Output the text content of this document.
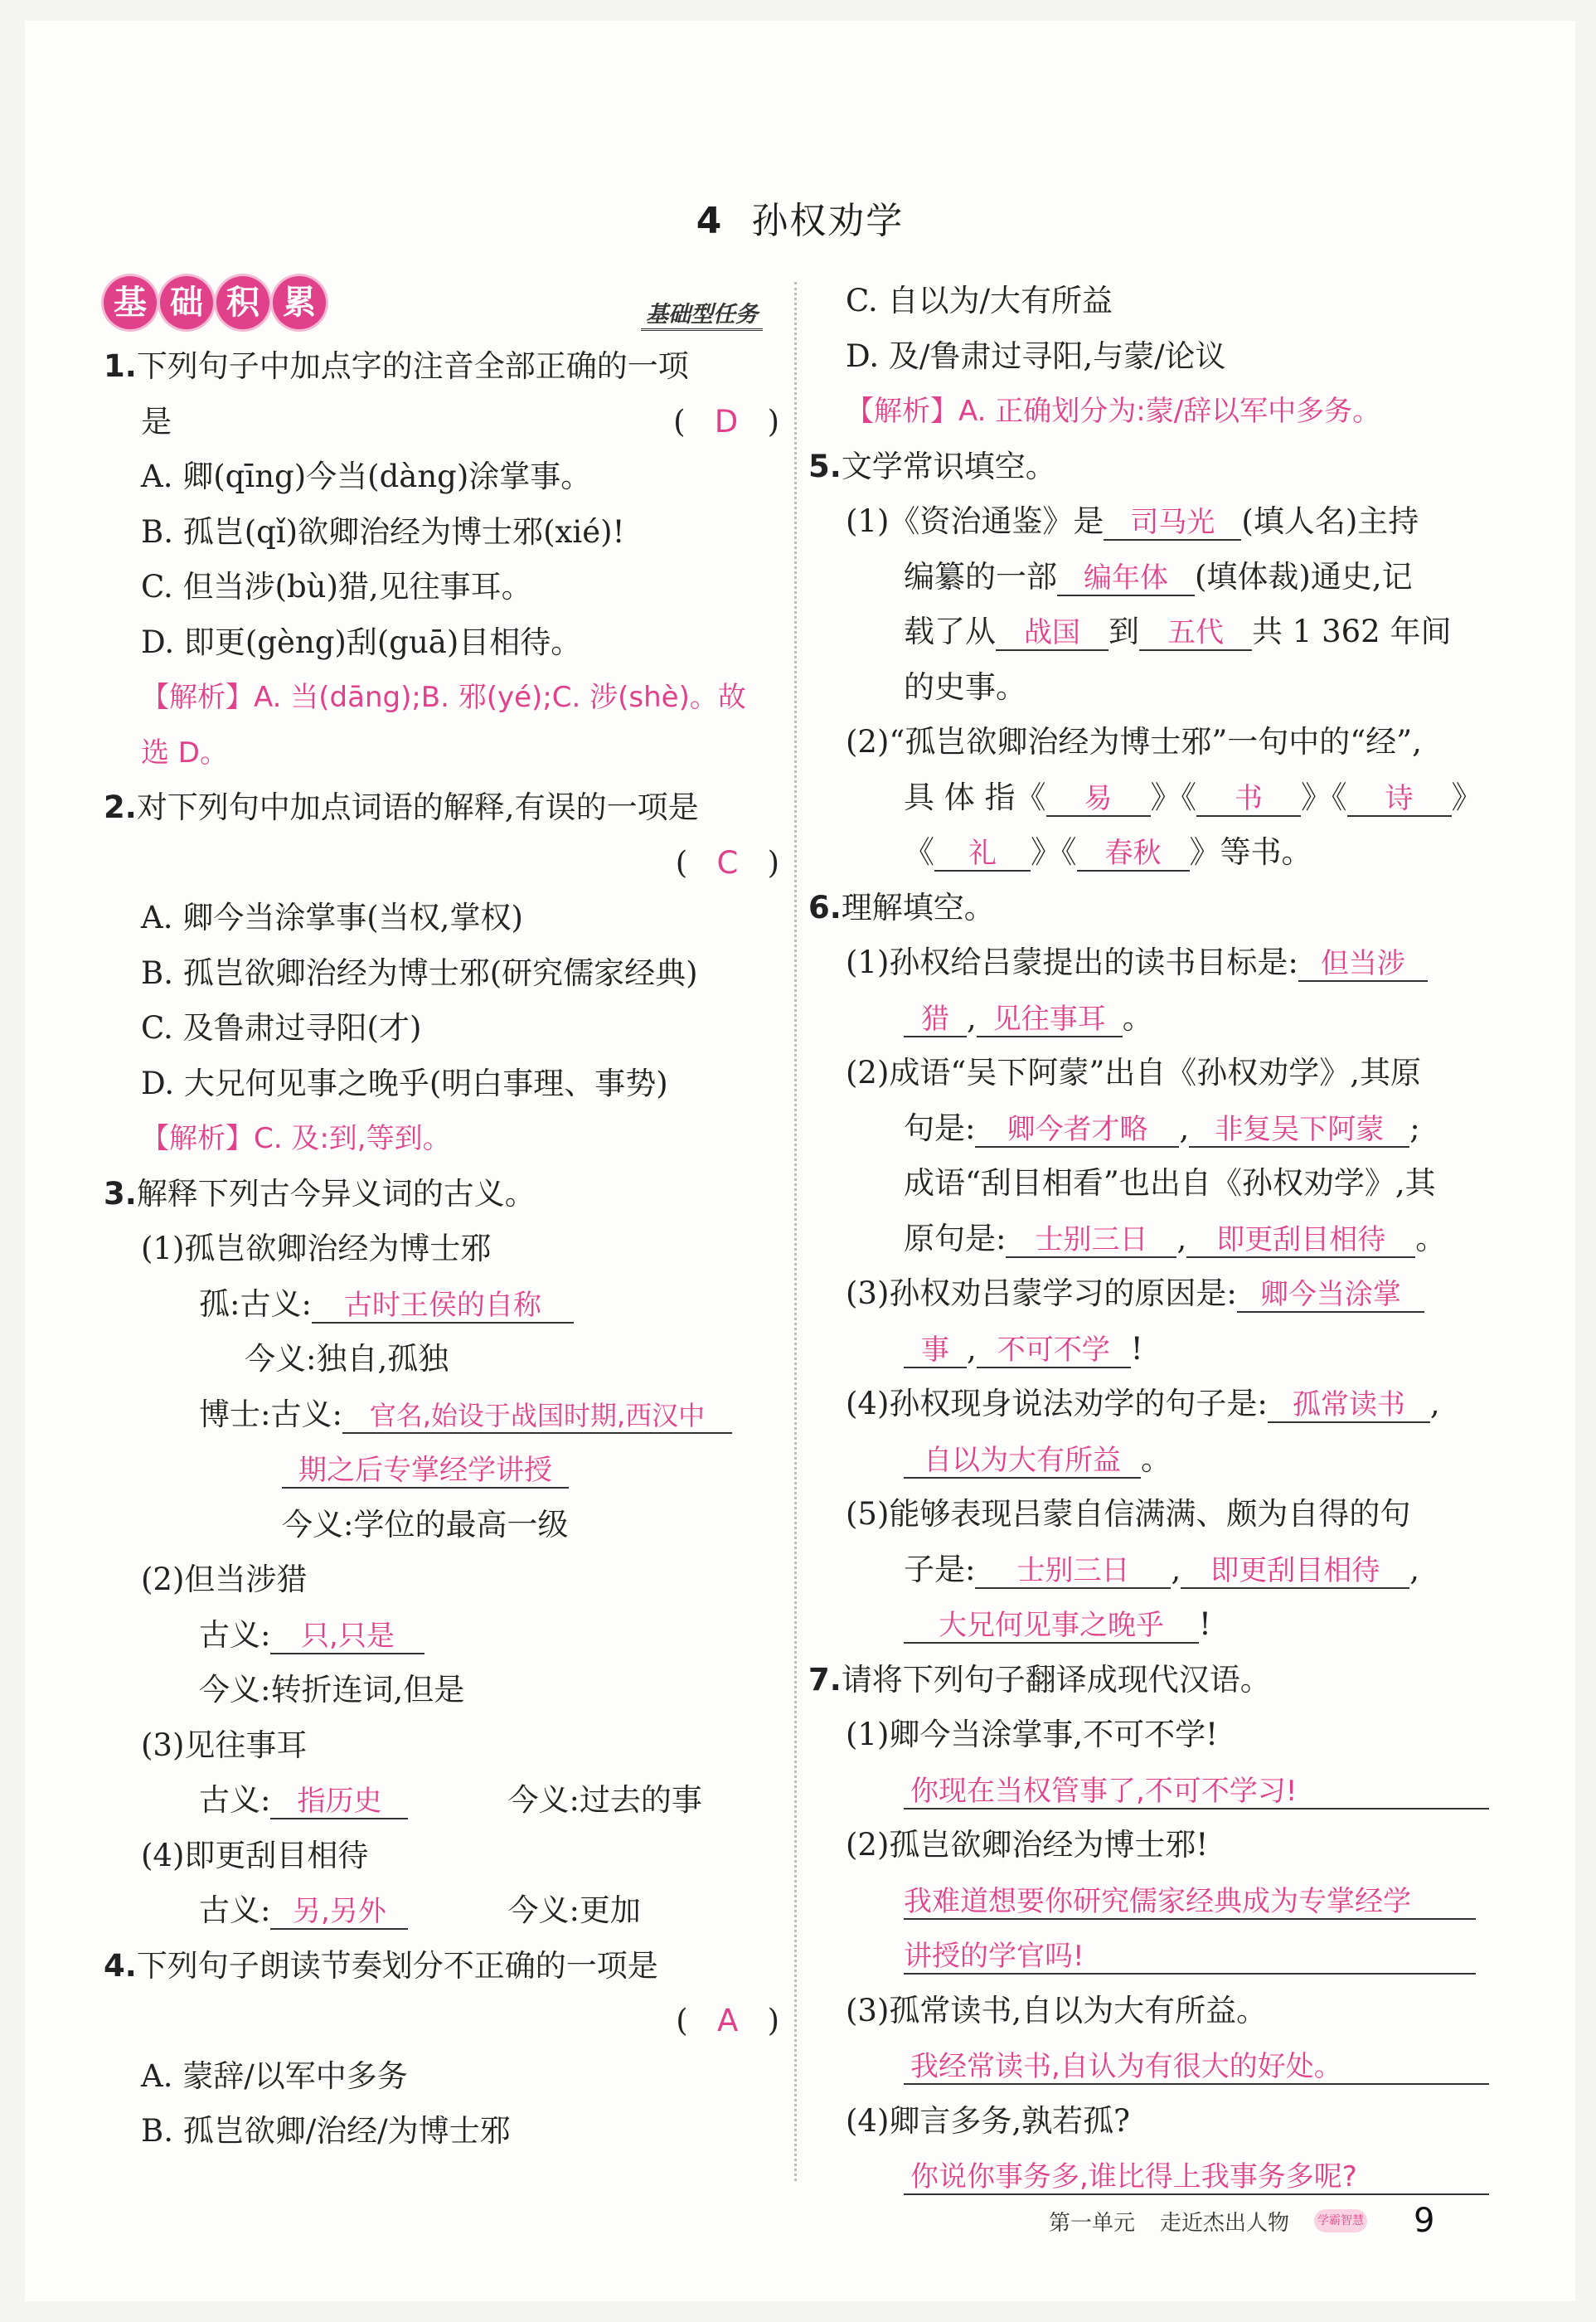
4 孙权劝学
基 础 积 累	基础型任务
1.下列句子中加点字的注音全部正确的一项
是	(   D   )
A. 卿(qīng)今当(dàng)涂掌事。
B. 孤岂(qǐ)欲卿治经为博士邪(xié)!
C. 但当涉(bù)猎,见往事耳。
D. 即更(gèng)刮(guā)目相待。
【解析】A. 当(dāng);B. 邪(yé);C. 涉(shè)。故
选 D。
2.对下列句中加点词语的解释,有误的一项是
(   C   )
A. 卿今当涂掌事(当权,掌权)
B. 孤岂欲卿治经为博士邪(研究儒家经典)
C. 及鲁肃过寻阳(才)
D. 大兄何见事之晚乎(明白事理、事势)
【解析】C. 及:到,等到。
3.解释下列古今异义词的古义。
(1)孤岂欲卿治经为博士邪
孤:古义: 古时王侯的自称
今义:独自,孤独
博士:古义: 官名,始设于战国时期,西汉中
期之后专掌经学讲授
今义:学位的最高一级
(2)但当涉猎
古义: 只,只是
今义:转折连词,但是
(3)见往事耳
古义: 指历史	今义:过去的事
(4)即更刮目相待
古义: 另,另外	今义:更加
4.下列句子朗读节奏划分不正确的一项是
(   A   )
A. 蒙辞/以军中多务
B. 孤岂欲卿/治经/为博士邪
C. 自以为/大有所益
D. 及/鲁肃过寻阳,与蒙/论议
【解析】A. 正确划分为:蒙/辞以军中多务。
5.文学常识填空。
(1)《资治通鉴》是 司马光 (填人名)主持
编纂的一部 编年体 (填体裁)通史,记
载了从 战国 到 五代 共 1 362 年间
的史事。
(2)“孤岂欲卿治经为博士邪”一句中的“经”,
具 体 指《 易 》《 书 》《 诗 》
《 礼 》《 春秋 》等书。
6.理解填空。
(1)孙权给吕蒙提出的读书目标是: 但当涉
猎 , 见往事耳 。
(2)成语“吴下阿蒙”出自《孙权劝学》,其原
句是: 卿今者才略 , 非复吴下阿蒙 ;
成语“刮目相看”也出自《孙权劝学》,其
原句是: 士别三日 , 即更刮目相待 。
(3)孙权劝吕蒙学习的原因是: 卿今当涂掌
事 , 不可不学 !
(4)孙权现身说法劝学的句子是: 孤常读书 ,
自以为大有所益 。
(5)能够表现吕蒙自信满满、颇为自得的句
子是: 士别三日 , 即更刮目相待 ,
大兄何见事之晚乎 !
7.请将下列句子翻译成现代汉语。
(1)卿今当涂掌事,不可不学!
你现在当权管事了,不可不学习!
(2)孤岂欲卿治经为博士邪!
我难道想要你研究儒家经典成为专掌经学
讲授的学官吗!
(3)孤常读书,自以为大有所益。
我经常读书,自认为有很大的好处。
(4)卿言多务,孰若孤?
你说你事务多,谁比得上我事务多呢?
第一单元 走近杰出人物 学霸智慧 9
